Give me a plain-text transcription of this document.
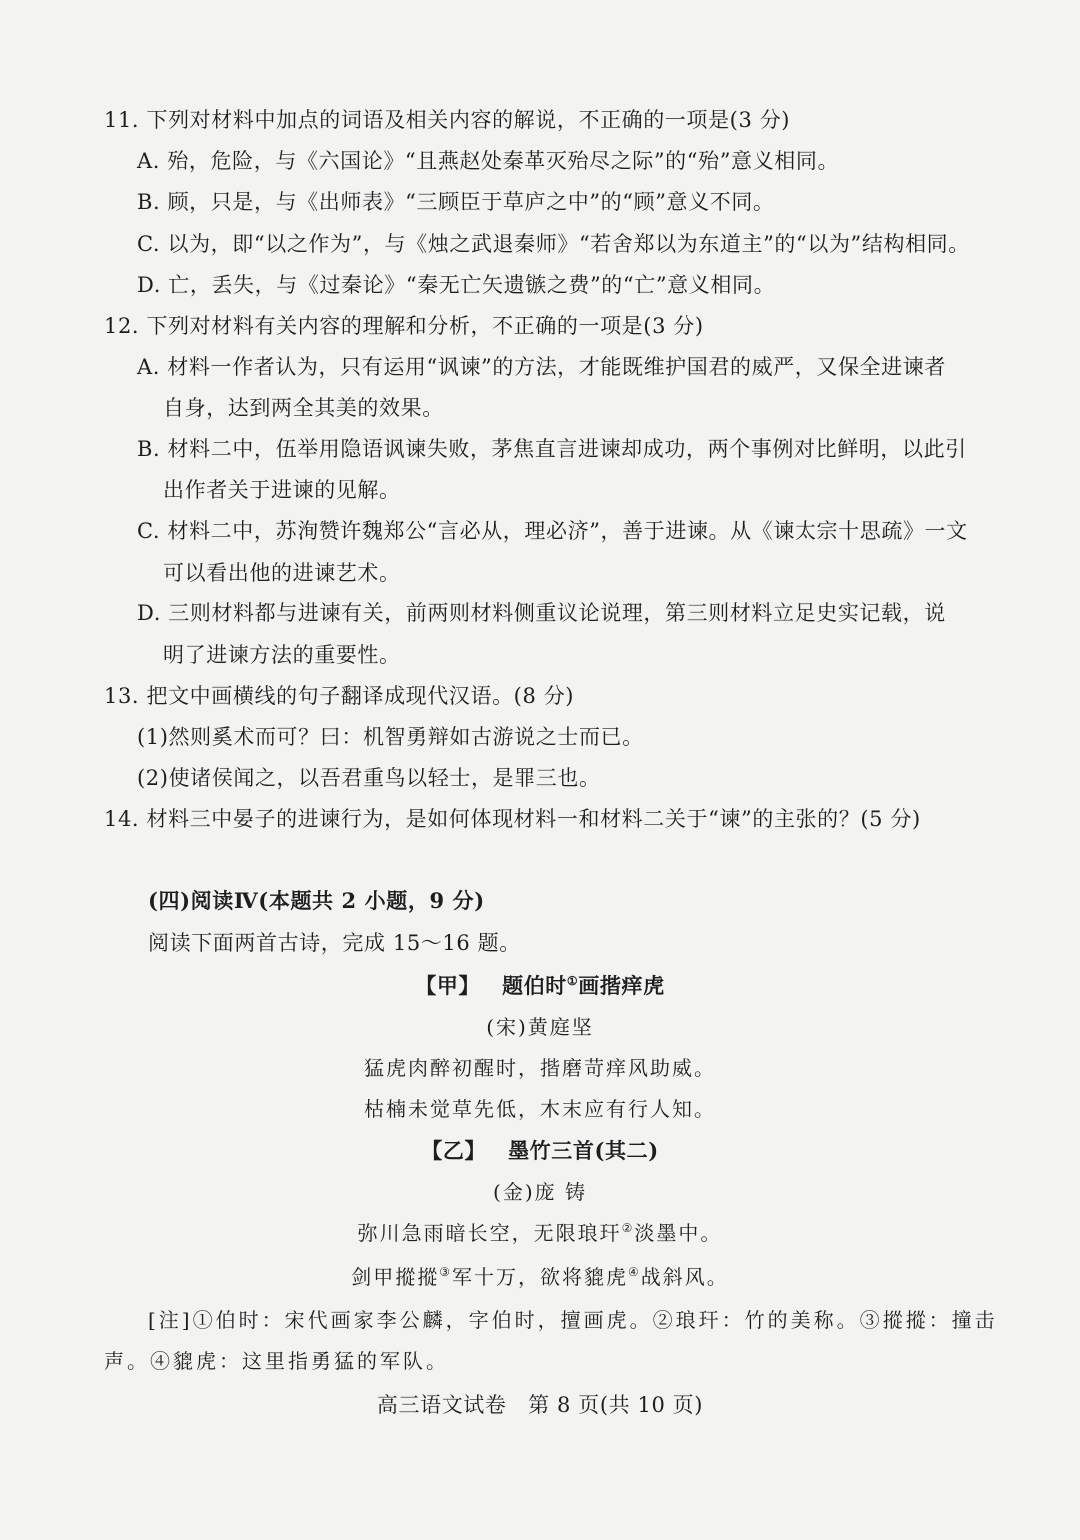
11. 下列对材料中加点的词语及相关内容的解说，不正确的一项是(3 分)
A. 殆，危险，与《六国论》“且燕赵处秦革灭殆尽之际”的“殆”意义相同。
B. 顾，只是，与《出师表》“三顾臣于草庐之中”的“顾”意义不同。
C. 以为，即“以之作为”，与《烛之武退秦师》“若舍郑以为东道主”的“以为”结构相同。
D. 亡，丢失，与《过秦论》“秦无亡矢遗镞之费”的“亡”意义相同。
12. 下列对材料有关内容的理解和分析，不正确的一项是(3 分)
A. 材料一作者认为，只有运用“讽谏”的方法，才能既维护国君的威严，又保全进谏者
自身，达到两全其美的效果。
B. 材料二中，伍举用隐语讽谏失败，茅焦直言进谏却成功，两个事例对比鲜明，以此引
出作者关于进谏的见解。
C. 材料二中，苏洵赞许魏郑公“言必从，理必济”，善于进谏。从《谏太宗十思疏》一文
可以看出他的进谏艺术。
D. 三则材料都与进谏有关，前两则材料侧重议论说理，第三则材料立足史实记载，说
明了进谏方法的重要性。
13. 把文中画横线的句子翻译成现代汉语。(8 分)
(1)然则奚术而可？曰：机智勇辩如古游说之士而已。
(2)使诸侯闻之，以吾君重鸟以轻士，是罪三也。
14. 材料三中晏子的进谏行为，是如何体现材料一和材料二关于“谏”的主张的？(5 分)
(四)阅读Ⅳ(本题共 2 小题，9 分)
阅读下面两首古诗，完成 15～16 题。
【甲】 题伯时①画揩痒虎
(宋)黄庭坚
猛虎肉醉初醒时，揩磨苛痒风助威。
枯楠未觉草先低，木末应有行人知。
【乙】 墨竹三首(其二)
(金)庞 铸
弥川急雨暗长空，无限琅玕②淡墨中。
剑甲摐摐③军十万，欲将貔虎④战斜风。
[注]①伯时：宋代画家李公麟，字伯时，擅画虎。②琅玕：竹的美称。③摐摐：撞击
声。④貔虎：这里指勇猛的军队。
高三语文试卷　第 8 页(共 10 页)
